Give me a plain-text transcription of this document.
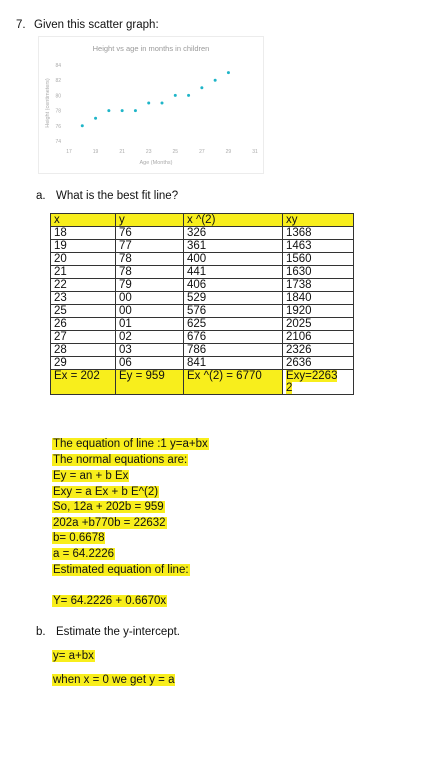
7. Given this scatter graph:
Height vs age in months in children
84
82
80
78
76
74
17	19	21	23	25	27	29	31
Height (centimeters)
Age (Months)
a. What is the best fit line?
x	y	x ^(2)	xy
18	76	326	1368
19	77	361	1463
20	78	400	1560
21	78	441	1630
22	79	406	1738
23	00	529	1840
25	00	576	1920
26	01	625	2025
27	02	676	2106
28	03	786	2326
29	06	841	2636
Ex = 202	Ey = 959	Ex ^(2) = 6770	Exy=2263
2
The equation of line :1 y=a+bx
The normal equations are:
Ey = an + b Ex
Exy = a Ex + b E^(2)
So, 12a + 202b = 959
202a +b770b = 22632
b= 0.6678
a = 64.2226
Estimated equation of line:
Y= 64.2226 + 0.6670x
b. Estimate the y-intercept.
y= a+bx
when x = 0 we get y = a
